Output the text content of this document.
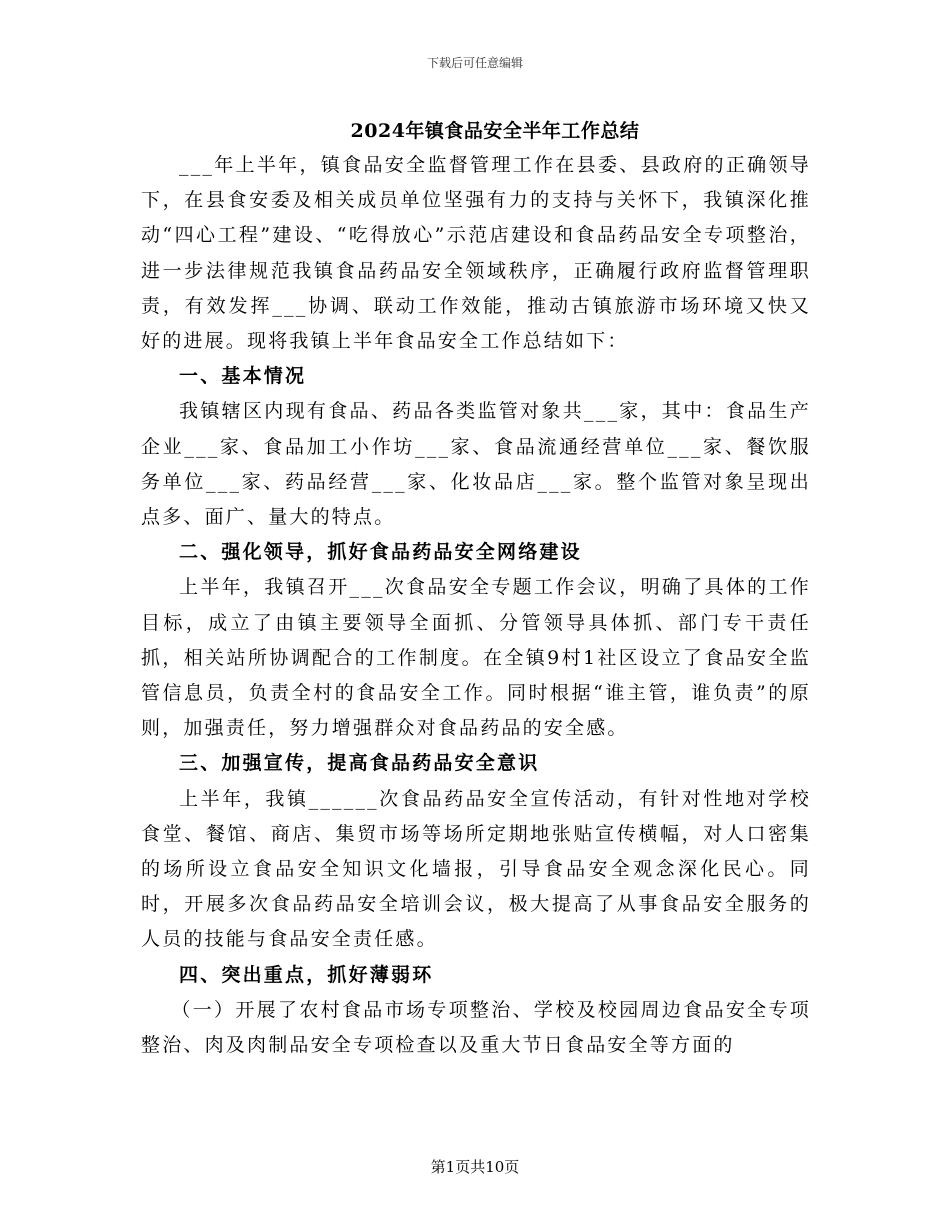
下载后可任意编辑
2024年镇食品安全半年工作总结

___年上半年，镇食品安全监督管理工作在县委、县政府的正确领导下，在县食安委及相关成员单位坚强有力的支持与关怀下，我镇深化推动“四心工程”建设、“吃得放心”示范店建设和食品药品安全专项整治，进一步法律规范我镇食品药品安全领域秩序，正确履行政府监督管理职责，有效发挥___协调、联动工作效能，推动古镇旅游市场环境又快又好的进展。现将我镇上半年食品安全工作总结如下：

一、基本情况

我镇辖区内现有食品、药品各类监管对象共___家，其中：食品生产企业___家、食品加工小作坊___家、食品流通经营单位___家、餐饮服务单位___家、药品经营___家、化妆品店___家。整个监管对象呈现出点多、面广、量大的特点。

二、强化领导，抓好食品药品安全网络建设

上半年，我镇召开___次食品安全专题工作会议，明确了具体的工作目标，成立了由镇主要领导全面抓、分管领导具体抓、部门专干责任抓，相关站所协调配合的工作制度。在全镇9村1社区设立了食品安全监管信息员，负责全村的食品安全工作。同时根据“谁主管，谁负责”的原则，加强责任，努力增强群众对食品药品的安全感。

三、加强宣传，提高食品药品安全意识

上半年，我镇______次食品药品安全宣传活动，有针对性地对学校食堂、餐馆、商店、集贸市场等场所定期地张贴宣传横幅，对人口密集的场所设立食品安全知识文化墙报，引导食品安全观念深化民心。同时，开展多次食品药品安全培训会议，极大提高了从事食品安全服务的人员的技能与食品安全责任感。

四、突出重点，抓好薄弱环

（一）开展了农村食品市场专项整治、学校及校园周边食品安全专项整治、肉及肉制品安全专项检查以及重大节日食品安全等方面的

第1页共10页
